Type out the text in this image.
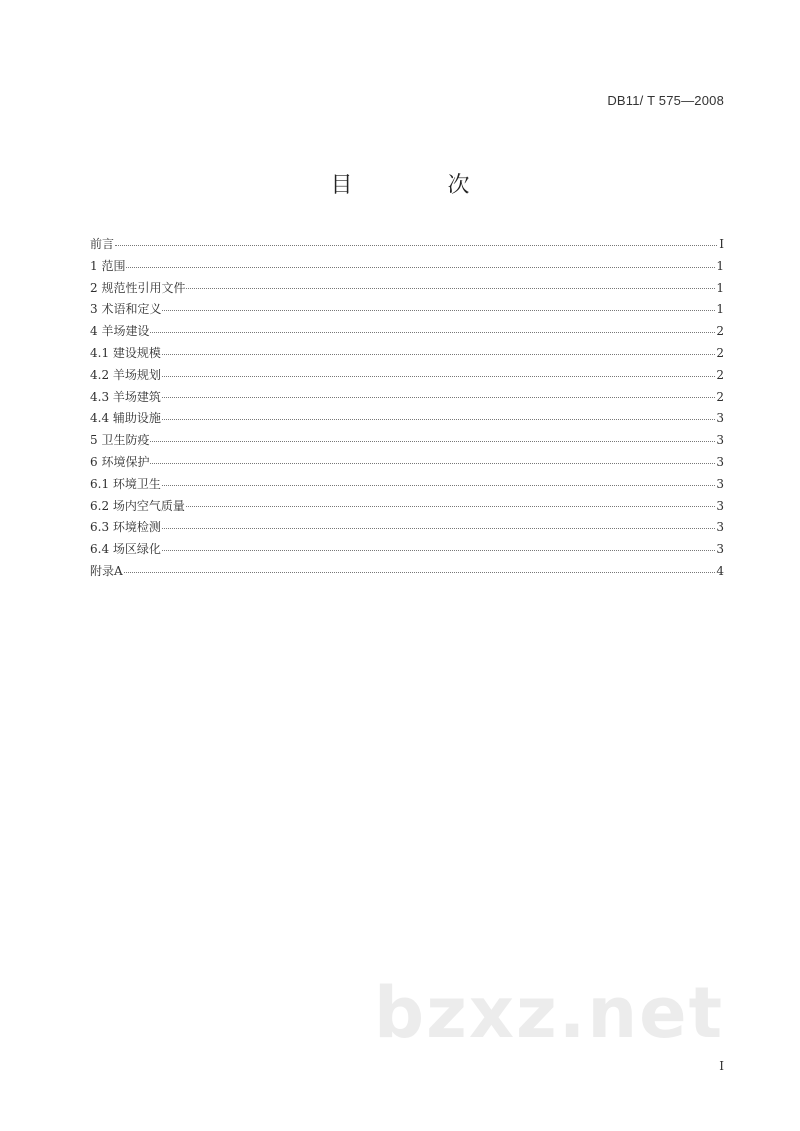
DB11/ T 575—2008
目 次
前言	I
1 范围	1
2 规范性引用文件	1
3 术语和定义	1
4 羊场建设	2
4.1 建设规模	2
4.2 羊场规划	2
4.3 羊场建筑	2
4.4 辅助设施	3
5 卫生防疫	3
6 环境保护	3
6.1 环境卫生	3
6.2 场内空气质量	3
6.3 环境检测	3
6.4 场区绿化	3
附录A	4
bzxz.net
I
